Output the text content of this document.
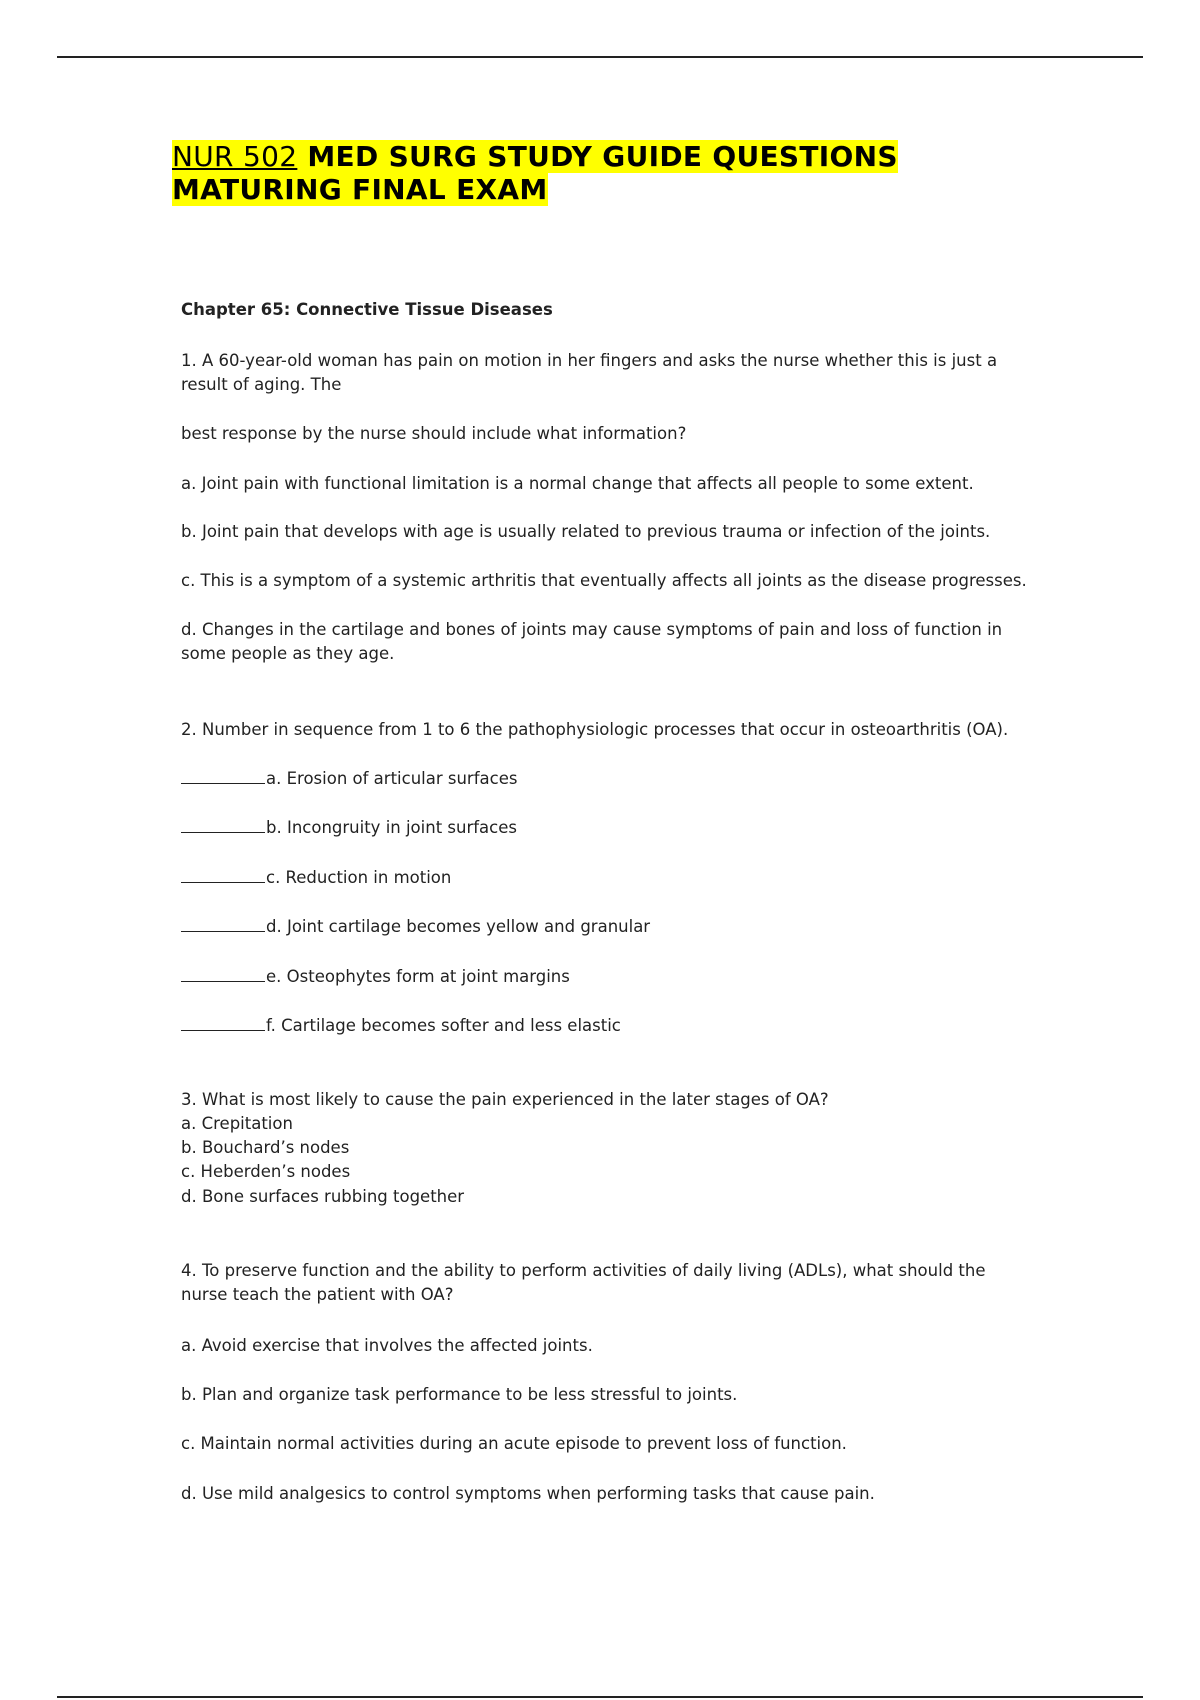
NUR 502 MED SURG STUDY GUIDE QUESTIONS
MATURING FINAL EXAM
Chapter 65: Connective Tissue Diseases
1. A 60-year-old woman has pain on motion in her fingers and asks the nurse whether this is just a
result of aging. The
best response by the nurse should include what information?
a. Joint pain with functional limitation is a normal change that affects all people to some extent.
b. Joint pain that develops with age is usually related to previous trauma or infection of the joints.
c. This is a symptom of a systemic arthritis that eventually affects all joints as the disease progresses.
d. Changes in the cartilage and bones of joints may cause symptoms of pain and loss of function in
some people as they age.
2. Number in sequence from 1 to 6 the pathophysiologic processes that occur in osteoarthritis (OA).
a. Erosion of articular surfaces
b. Incongruity in joint surfaces
c. Reduction in motion
d. Joint cartilage becomes yellow and granular
e. Osteophytes form at joint margins
f. Cartilage becomes softer and less elastic
3. What is most likely to cause the pain experienced in the later stages of OA?
a. Crepitation
b. Bouchard’s nodes
c. Heberden’s nodes
d. Bone surfaces rubbing together
4. To preserve function and the ability to perform activities of daily living (ADLs), what should the
nurse teach the patient with OA?
a. Avoid exercise that involves the affected joints.
b. Plan and organize task performance to be less stressful to joints.
c. Maintain normal activities during an acute episode to prevent loss of function.
d. Use mild analgesics to control symptoms when performing tasks that cause pain.
